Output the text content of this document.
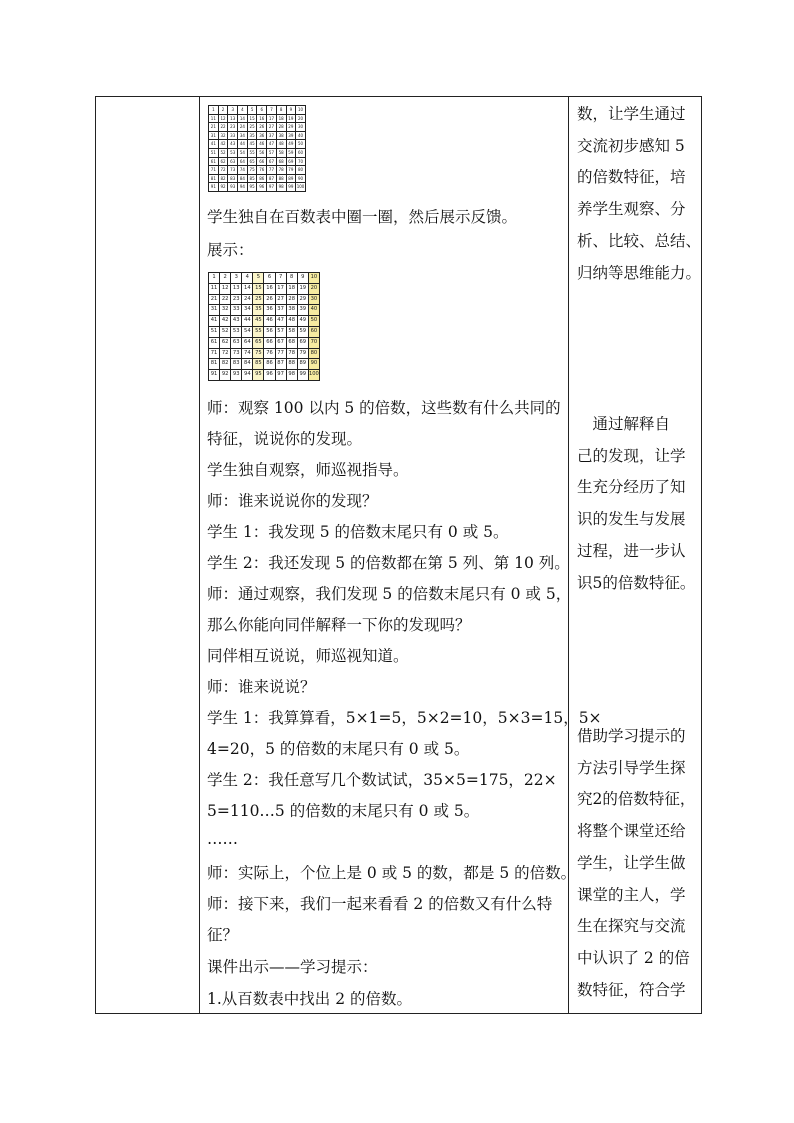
1	2	3	4	5	6	7	8	9	10
11	12	13	14	15	16	17	18	19	20
21	22	23	24	25	26	27	28	29	30
31	32	33	34	35	36	37	38	39	40
41	42	43	44	45	46	47	48	49	50
51	52	53	54	55	56	57	58	59	60
61	62	63	64	65	66	67	68	69	70
71	72	73	74	75	76	77	78	79	80
81	82	83	84	85	86	87	88	89	90
91	92	93	94	95	96	97	98	99	100
学生独自在百数表中圈一圈，然后展示反馈。
展示：
1	2	3	4	5	6	7	8	9	10
11	12	13	14	15	16	17	18	19	20
21	22	23	24	25	26	27	28	29	30
31	32	33	34	35	36	37	38	39	40
41	42	43	44	45	46	47	48	49	50
51	52	53	54	55	56	57	58	59	60
61	62	63	64	65	66	67	68	69	70
71	72	73	74	75	76	77	78	79	80
81	82	83	84	85	86	87	88	89	90
91	92	93	94	95	96	97	98	99	100
师：观察 100 以内 5 的倍数，这些数有什么共同的
特征，说说你的发现。
学生独自观察，师巡视指导。
师：谁来说说你的发现？
学生 1：我发现 5 的倍数末尾只有 0 或 5。
学生 2：我还发现 5 的倍数都在第 5 列、第 10 列。
师：通过观察，我们发现 5 的倍数末尾只有 0 或 5，
那么你能向同伴解释一下你的发现吗？
同伴相互说说，师巡视知道。
师：谁来说说？
学生 1：我算算看，5×1=5，5×2=10，5×3=15，5×
4=20，5 的倍数的末尾只有 0 或 5。
学生 2：我任意写几个数试试，35×5=175，22×
5=110…5 的倍数的末尾只有 0 或 5。
……
师：实际上，个位上是 0 或 5 的数，都是 5 的倍数。
师：接下来，我们一起来看看 2 的倍数又有什么特
征？
课件出示——学习提示：
1.从百数表中找出 2 的倍数。

数，让学生通过
交流初步感知 5
的倍数特征，培
养学生观察、分
析、比较、总结、
归纳等思维能力。
　通过解释自
己的发现，让学
生充分经历了知
识的发生与发展
过程，进一步认
识5的倍数特征。
借助学习提示的
方法引导学生探
究2的倍数特征，
将整个课堂还给
学生，让学生做
课堂的主人，学
生在探究与交流
中认识了 2 的倍
数特征，符合学
